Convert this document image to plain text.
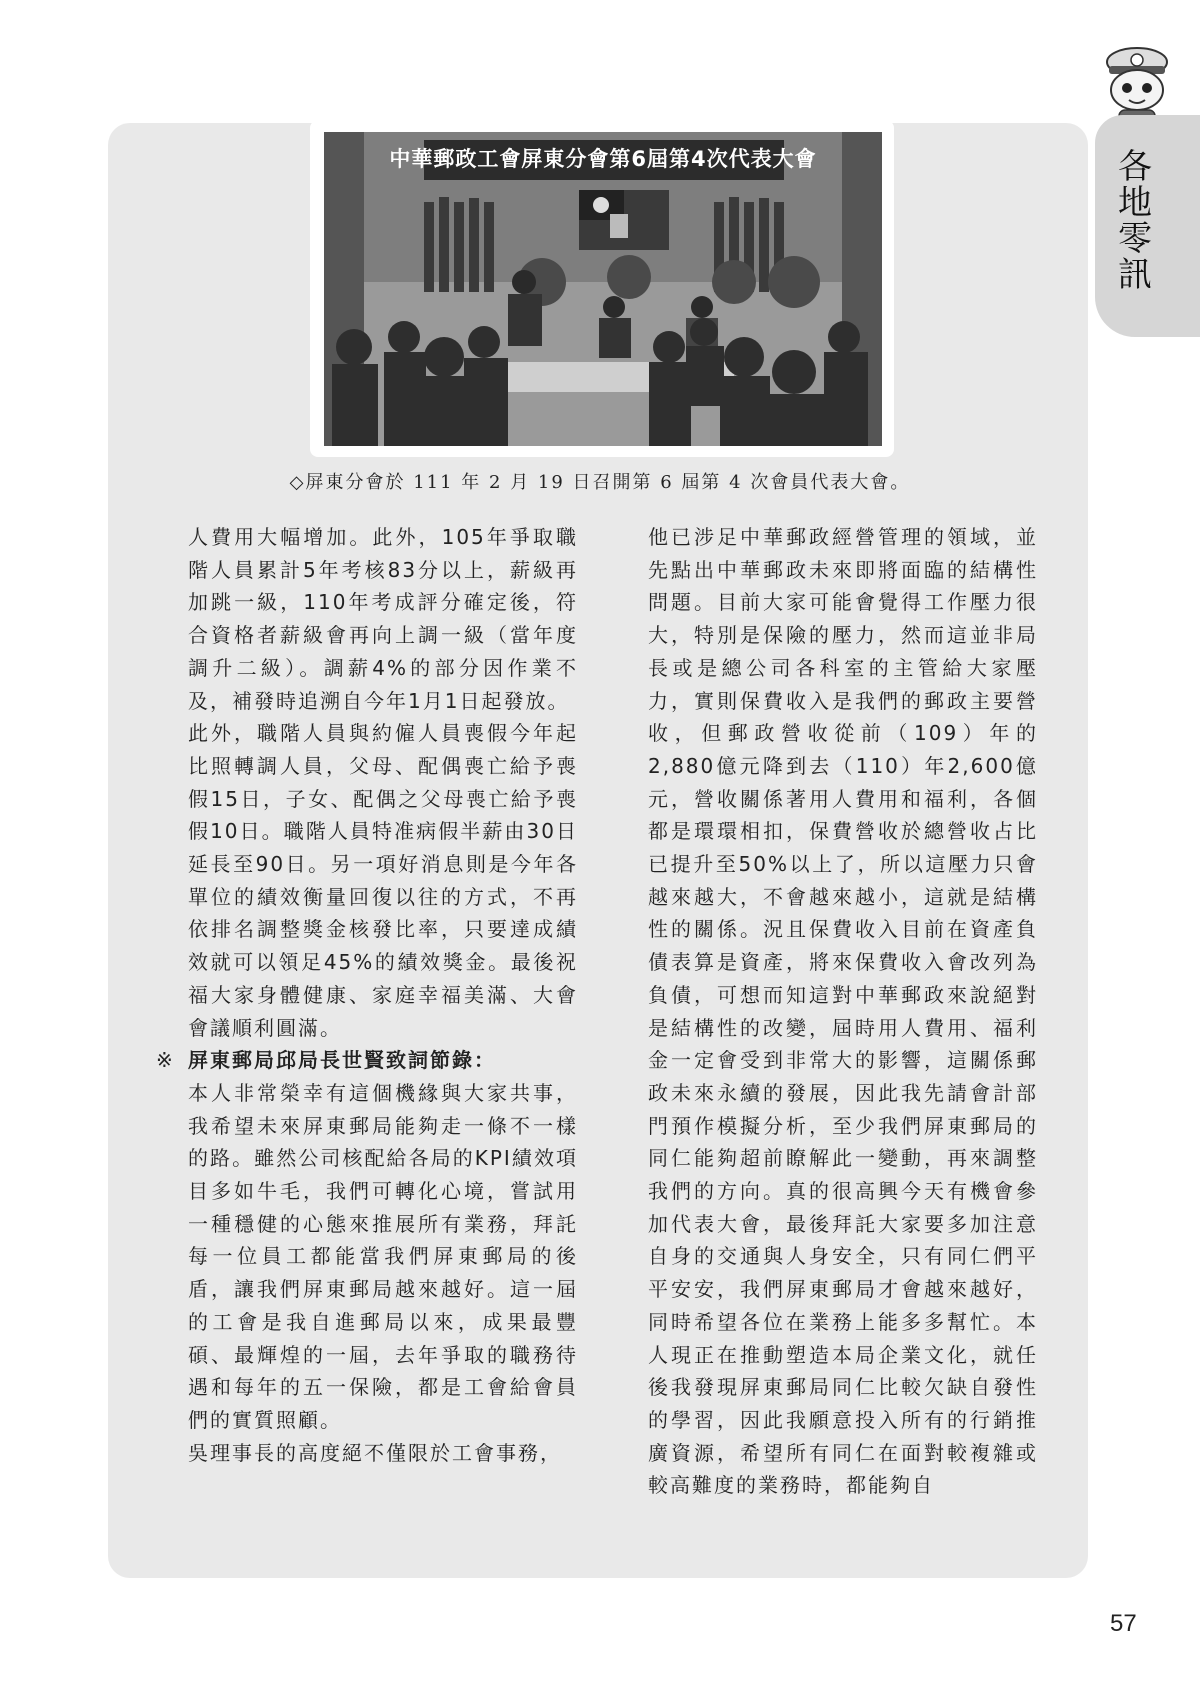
各
地
零
訊
中華郵政工會屏東分會第6屆第4次代表大會
◇屏東分會於 111 年 2 月 19 日召開第 6 屆第 4 次會員代表大會。

人費用大幅增加。此外，105年爭取職階人員累計5年考核83分以上，薪級再加跳一級，110年考成評分確定後，符合資格者薪級會再向上調一級（當年度調升二級）。調薪4%的部分因作業不及，補發時追溯自今年1月1日起發放。

此外，職階人員與約僱人員喪假今年起比照轉調人員，父母、配偶喪亡給予喪假15日，子女、配偶之父母喪亡給予喪假10日。職階人員特准病假半薪由30日延長至90日。另一項好消息則是今年各單位的績效衡量回復以往的方式，不再依排名調整獎金核發比率，只要達成績效就可以領足45%的績效獎金。最後祝福大家身體健康、家庭幸福美滿、大會會議順利圓滿。

※ 屏東郵局邱局長世賢致詞節錄：

本人非常榮幸有這個機緣與大家共事，我希望未來屏東郵局能夠走一條不一樣的路。雖然公司核配給各局的KPI績效項目多如牛毛，我們可轉化心境，嘗試用一種穩健的心態來推展所有業務，拜託每一位員工都能當我們屏東郵局的後盾，讓我們屏東郵局越來越好。這一屆的工會是我自進郵局以來，成果最豐碩、最輝煌的一屆，去年爭取的職務待遇和每年的五一保險，都是工會給會員們的實質照顧。

吳理事長的高度絕不僅限於工會事務，

他已涉足中華郵政經營管理的領域，並先點出中華郵政未來即將面臨的結構性問題。目前大家可能會覺得工作壓力很大，特別是保險的壓力，然而這並非局長或是總公司各科室的主管給大家壓力，實則保費收入是我們的郵政主要營收，但郵政營收從前（109）年的2,880億元降到去（110）年2,600億元，營收關係著用人費用和福利，各個都是環環相扣，保費營收於總營收占比已提升至50%以上了，所以這壓力只會越來越大，不會越來越小，這就是結構性的關係。況且保費收入目前在資產負債表算是資產，將來保費收入會改列為負債，可想而知這對中華郵政來說絕對是結構性的改變，屆時用人費用、福利金一定會受到非常大的影響，這關係郵政未來永續的發展，因此我先請會計部門預作模擬分析，至少我們屏東郵局的同仁能夠超前瞭解此一變動，再來調整我們的方向。真的很高興今天有機會參加代表大會，最後拜託大家要多加注意自身的交通與人身安全，只有同仁們平平安安，我們屏東郵局才會越來越好，同時希望各位在業務上能多多幫忙。本人現正在推動塑造本局企業文化，就任後我發現屏東郵局同仁比較欠缺自發性的學習，因此我願意投入所有的行銷推廣資源，希望所有同仁在面對較複雜或較高難度的業務時，都能夠自

57
